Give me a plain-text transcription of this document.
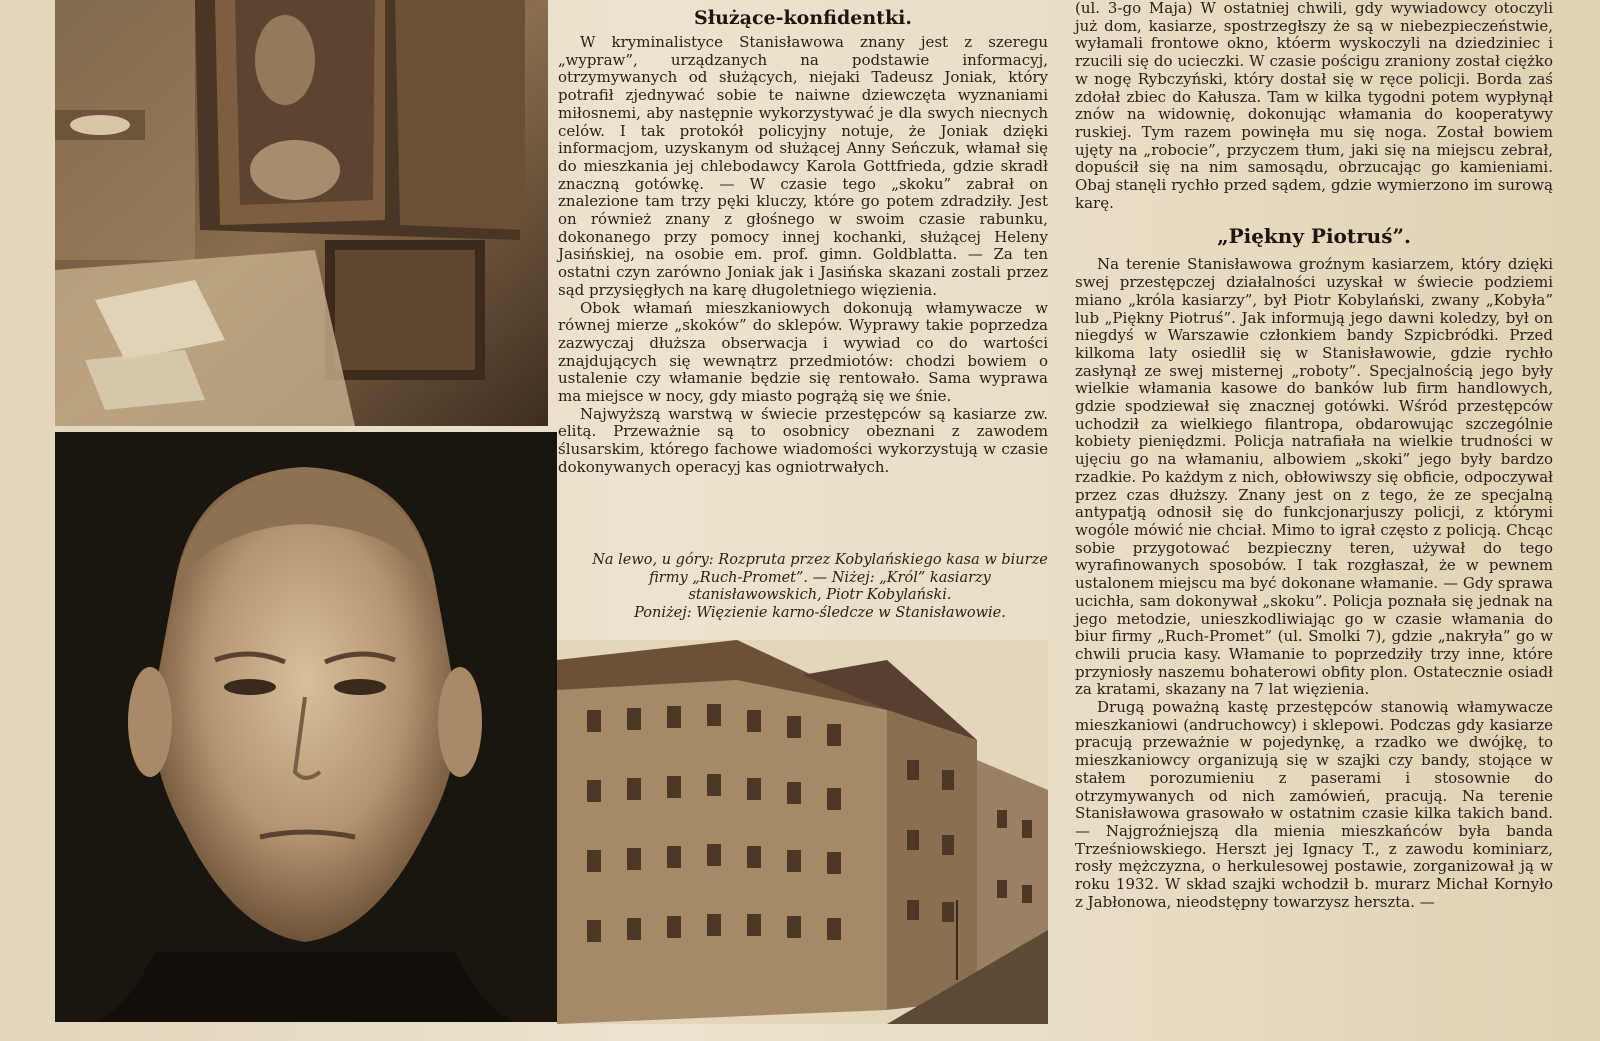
Służące-konfidentki.

W kryminalistyce Stanisławowa znany jest z szeregu „wypraw”, urządzanych na podstawie informacyj, otrzymywanych od służących, niejaki Tadeusz Joniak, który potrafił zjednywać sobie te naiwne dziewczęta wyznaniami miłosnemi, aby następnie wykorzystywać je dla swych niecnych celów. I tak protokół policyjny notuje, że Joniak dzięki informacjom, uzyskanym od służącej Anny Seńczuk, włamał się do mieszkania jej chlebodawcy Karola Gottfrieda, gdzie skradł znaczną gotówkę. — W czasie tego „skoku” zabrał on znalezione tam trzy pęki kluczy, które go potem zdradziły. Jest on również znany z głośnego w swoim czasie rabunku, dokonanego przy pomocy innej kochanki, służącej Heleny Jasińskiej, na osobie em. prof. gimn. Goldblatta. — Za ten ostatni czyn zarówno Joniak jak i Jasińska skazani zostali przez sąd przysięgłych na karę długoletniego więzienia.

Obok włamań mieszkaniowych dokonują włamywacze w równej mierze „skoków” do sklepów. Wyprawy takie poprzedza zazwyczaj dłuższa obserwacja i wywiad co do wartości znajdujących się wewnątrz przedmiotów: chodzi bowiem o ustalenie czy włamanie będzie się rentowało. Sama wyprawa ma miejsce w nocy, gdy miasto pogrążą się we śnie.

Najwyższą warstwą w świecie przestępców są kasiarze zw. elitą. Przeważnie są to osobnicy obeznani z zawodem ślusarskim, którego fachowe wiadomości wykorzystują w czasie dokonywanych operacyj kas ogniotrwałych.

Na lewo, u góry: Rozpruta przez Kobylańskiego kasa w biurze firmy „Ruch-Promet”. — Niżej: „Król” kasiarzy stanisławowskich, Piotr Kobylański.
Poniżej: Więzienie karno-śledcze w Stanisławowie.

(ul. 3-go Maja) W ostatniej chwili, gdy wywiadowcy otoczyli już dom, kasiarze, spostrzegłszy że są w niebezpieczeństwie, wyłamali frontowe okno, któerm wyskoczyli na dziedziniec i rzucili się do ucieczki. W czasie pościgu zraniony został ciężko w nogę Rybczyński, który dostał się w ręce policji. Borda zaś zdołał zbiec do Kałusza. Tam w kilka tygodni potem wypłynął znów na widownię, dokonując włamania do kooperatywy ruskiej. Tym razem powinęła mu się noga. Został bowiem ujęty na „robocie”, przyczem tłum, jaki się na miejscu zebrał, dopuścił się na nim samosądu, obrzucając go kamieniami. Obaj stanęli rychło przed sądem, gdzie wymierzono im surową karę.

„Piękny Piotruś”.

Na terenie Stanisławowa groźnym kasiarzem, który dzięki swej przestępczej działalności uzyskał w świecie podziemi miano „króla kasiarzy”, był Piotr Kobylański, zwany „Kobyła” lub „Piękny Piotruś”. Jak informują jego dawni koledzy, był on niegdyś w Warszawie członkiem bandy Szpicbródki. Przed kilkoma laty osiedlił się w Stanisławowie, gdzie rychło zasłynął ze swej misternej „roboty”. Specjalnością jego były wielkie włamania kasowe do banków lub firm handlowych, gdzie spodziewał się znacznej gotówki. Wśród przestępców uchodził za wielkiego filantropa, obdarowując szczególnie kobiety pieniędzmi. Policja natrafiała na wielkie trudności w ujęciu go na włamaniu, albowiem „skoki” jego były bardzo rzadkie. Po każdym z nich, obłowiwszy się obficie, odpoczywał przez czas dłuższy. Znany jest on z tego, że ze specjalną antypatją odnosił się do funkcjonarjuszy policji, z którymi wogóle mówić nie chciał. Mimo to igrał często z policją. Chcąc sobie przygotować bezpieczny teren, używał do tego wyrafinowanych sposobów. I tak rozgłaszał, że w pewnem ustalonem miejscu ma być dokonane włamanie. — Gdy sprawa ucichła, sam dokonywał „skoku”. Policja poznała się jednak na jego metodzie, unieszkodliwiając go w czasie włamania do biur firmy „Ruch-Promet” (ul. Smolki 7), gdzie „nakryła” go w chwili prucia kasy. Włamanie to poprzedziły trzy inne, które przyniosły naszemu bohaterowi obfity plon. Ostatecznie osiadł za kratami, skazany na 7 lat więzienia.

Drugą poważną kastę przestępców stanowią włamywacze mieszkaniowi (andruchowcy) i sklepowi. Podczas gdy kasiarze pracują przeważnie w pojedynkę, a rzadko we dwójkę, to mieszkaniowcy organizują się w szajki czy bandy, stojące w stałem porozumieniu z paserami i stosownie do otrzymywanych od nich zamówień, pracują. Na terenie Stanisławowa grasowało w ostatnim czasie kilka takich band. — Najgroźniejszą dla mienia mieszkańców była banda Trześniowskiego. Herszt jej Ignacy T., z zawodu kominiarz, rosły mężczyzna, o herkulesowej postawie, zorganizował ją w roku 1932. W skład szajki wchodził b. murarz Michał Kornyło z Jabłonowa, nieodstępny towarzysz herszta. —
